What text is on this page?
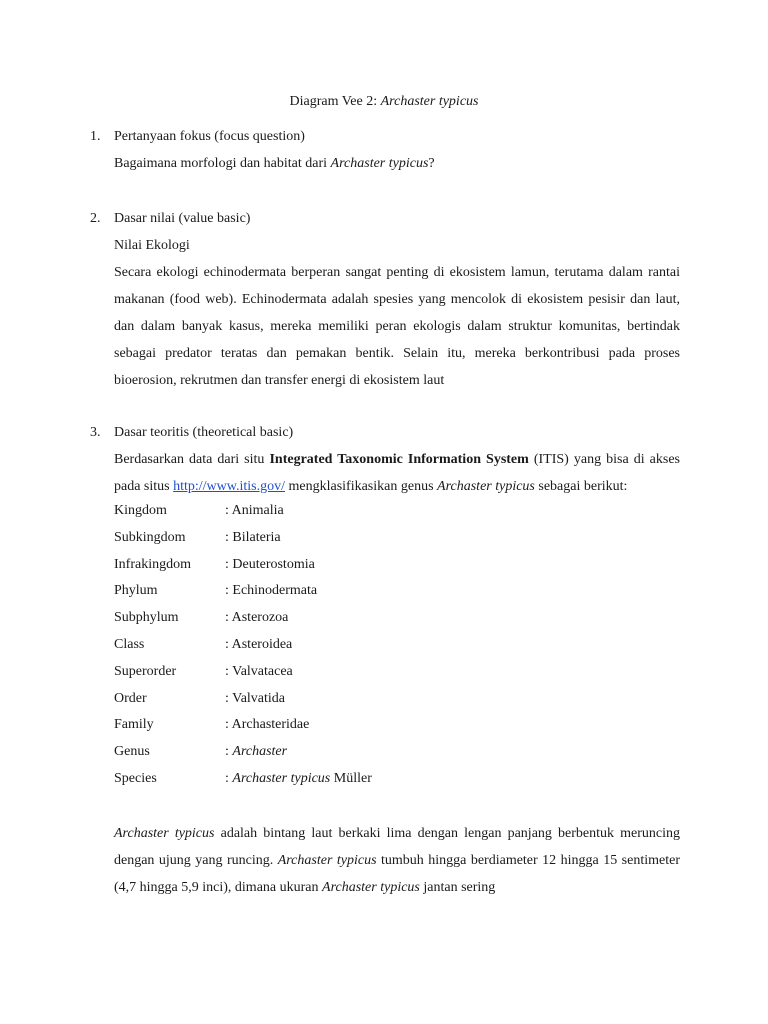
Diagram Vee 2: Archaster typicus
1. Pertanyaan fokus (focus question)
Bagaimana morfologi dan habitat dari Archaster typicus?
2. Dasar nilai (value basic)
Nilai Ekologi

Secara ekologi echinodermata berperan sangat penting di ekosistem lamun, terutama dalam rantai makanan (food web). Echinodermata adalah spesies yang mencolok di ekosistem pesisir dan laut, dan dalam banyak kasus, mereka memiliki peran ekologis dalam struktur komunitas, bertindak sebagai predator teratas dan pemakan bentik. Selain itu, mereka berkontribusi pada proses bioerosion, rekrutmen dan transfer energi di ekosistem laut

3. Dasar teoritis (theoretical basic)

Berdasarkan data dari situ Integrated Taxonomic Information System (ITIS) yang bisa di akses pada situs http://www.itis.gov/ mengklasifikasikan genus Archaster typicus sebagai berikut:

Kingdom	: Animalia
Subkingdom	: Bilateria
Infrakingdom : Deuterostomia
Phylum	: Echinodermata
Subphylum	: Asterozoa
Class	: Asteroidea
Superorder	: Valvatacea
Order	: Valvatida
Family	: Archasteridae
Genus	: Archaster
Species	: Archaster typicus Müller

Archaster typicus adalah bintang laut berkaki lima dengan lengan panjang berbentuk meruncing dengan ujung yang runcing. Archaster typicus tumbuh hingga berdiameter 12 hingga 15 sentimeter (4,7 hingga 5,9 inci), dimana ukuran Archaster typicus jantan sering
